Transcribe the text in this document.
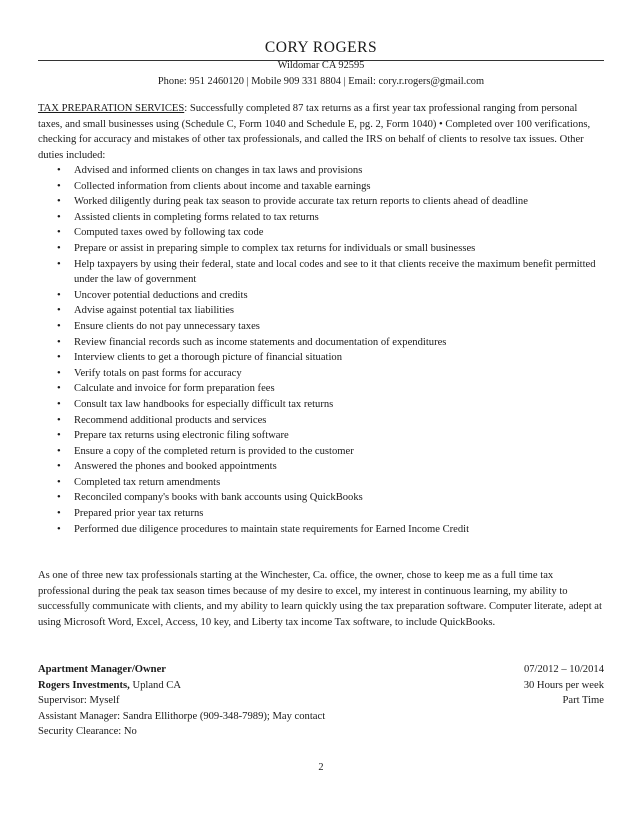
CORY ROGERS
Wildomar CA 92595
Phone: 951 2460120 | Mobile 909 331 8804 | Email: cory.r.rogers@gmail.com
TAX PREPARATION SERVICES: Successfully completed 87 tax returns as a first year tax professional ranging from personal taxes, and small businesses using (Schedule C, Form 1040 and Schedule E, pg. 2, Form 1040) • Completed over 100 verifications, checking for accuracy and mistakes of other tax professionals, and called the IRS on behalf of clients to resolve tax issues. Other duties included:
• Advised and informed clients on changes in tax laws and provisions
• Collected information from clients about income and taxable earnings
• Worked diligently during peak tax season to provide accurate tax return reports to clients ahead of deadline
• Assisted clients in completing forms related to tax returns
• Computed taxes owed by following tax code
• Prepare or assist in preparing simple to complex tax returns for individuals or small businesses
• Help taxpayers by using their federal, state and local codes and see to it that clients receive the maximum benefit permitted under the law of government
• Uncover potential deductions and credits
• Advise against potential tax liabilities
• Ensure clients do not pay unnecessary taxes
• Review financial records such as income statements and documentation of expenditures
• Interview clients to get a thorough picture of financial situation
• Verify totals on past forms for accuracy
• Calculate and invoice for form preparation fees
• Consult tax law handbooks for especially difficult tax returns
• Recommend additional products and services
• Prepare tax returns using electronic filing software
• Ensure a copy of the completed return is provided to the customer
• Answered the phones and booked appointments
• Completed tax return amendments
• Reconciled company's books with bank accounts using QuickBooks
• Prepared prior year tax returns
• Performed due diligence procedures to maintain state requirements for Earned Income Credit
As one of three new tax professionals starting at the Winchester, Ca. office, the owner, chose to keep me as a full time tax professional during the peak tax season times because of my desire to excel, my interest in continuous learning, my ability to successfully communicate with clients, and my ability to learn quickly using the tax preparation software. Computer literate, adept at using Microsoft Word, Excel, Access, 10 key, and Liberty tax income Tax software, to include QuickBooks.
Apartment Manager/Owner	07/2012 – 10/2014
Rogers Investments, Upland CA	30 Hours per week
Supervisor: Myself	Part Time
Assistant Manager: Sandra Ellithorpe (909-348-7989); May contact
Security Clearance: No
2
